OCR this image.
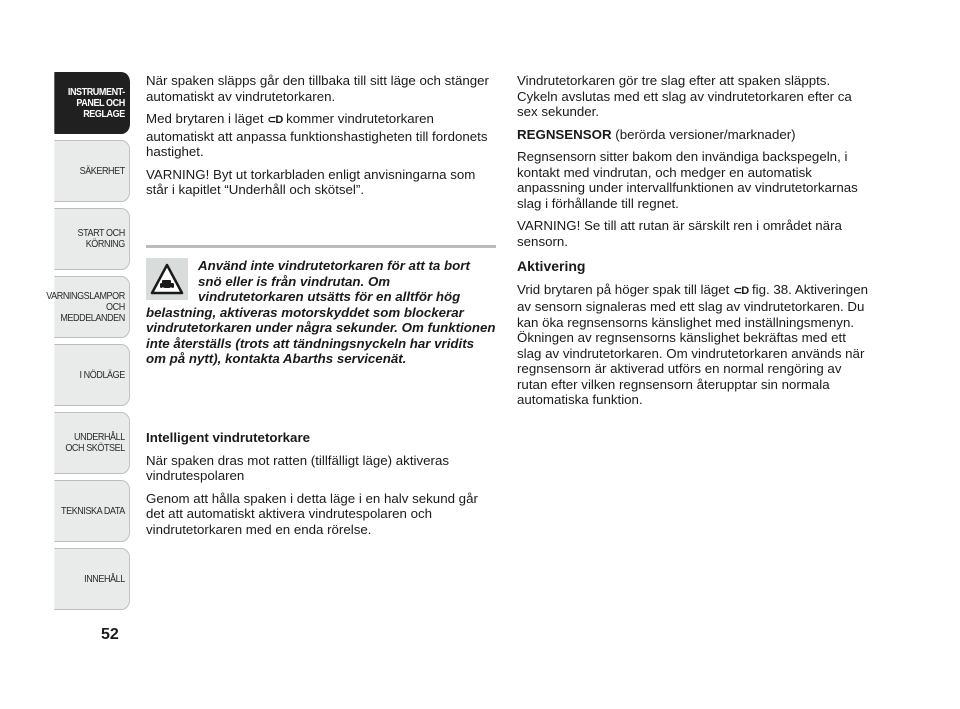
INSTRUMENT-
PANEL OCH
REGLAGE
SÄKERHET
START OCH
KÖRNING
VARNINGSLAMPOR
OCH
MEDDELANDEN
I NÖDLÄGE
UNDERHÅLL
OCH SKÖTSEL
TEKNISKA DATA
INNEHÅLL
52

När spaken släpps går den tillbaka till sitt läge och stänger automatiskt av vindrutetorkaren.

Med brytaren i läget ⊂D kommer vindrutetorkaren automatiskt att anpassa funktionshastigheten till fordonets hastighet.

VARNING! Byt ut torkarbladen enligt anvisningarna som står i kapitlet “Underhåll och skötsel”.

Använd inte vindrutetorkaren för att ta bort snö eller is från vindrutan. Om vindrutetorkaren utsätts för en alltför hög belastning, aktiveras motorskyddet som blockerar vindrutetorkaren under några sekunder. Om funktionen inte återställs (trots att tändningsnyckeln har vridits om på nytt), kontakta Abarths servicenät.

Intelligent vindrutetorkare

När spaken dras mot ratten (tillfälligt läge) aktiveras vindrutespolaren

Genom att hålla spaken i detta läge i en halv sekund går det att automatiskt aktivera vindrutespolaren och vindrutetorkaren med en enda rörelse.

Vindrutetorkaren gör tre slag efter att spaken släppts. Cykeln avslutas med ett slag av vindrutetorkaren efter ca sex sekunder.

REGNSENSOR (berörda versioner/marknader)

Regnsensorn sitter bakom den invändiga backspegeln, i kontakt med vindrutan, och medger en automatisk anpassning under intervallfunktionen av vindrutetorkarnas slag i förhållande till regnet.

VARNING! Se till att rutan är särskilt ren i området nära sensorn.

Aktivering

Vrid brytaren på höger spak till läget ⊂D fig. 38. Aktiveringen av sensorn signaleras med ett slag av vindrutetorkaren. Du kan öka regnsensorns känslighet med inställningsmenyn. Ökningen av regnsensorns känslighet bekräftas med ett slag av vindrutetorkaren. Om vindrutetorkaren används när regnsensorn är aktiverad utförs en normal rengöring av rutan efter vilken regnsensorn återupptar sin normala automatiska funktion.
